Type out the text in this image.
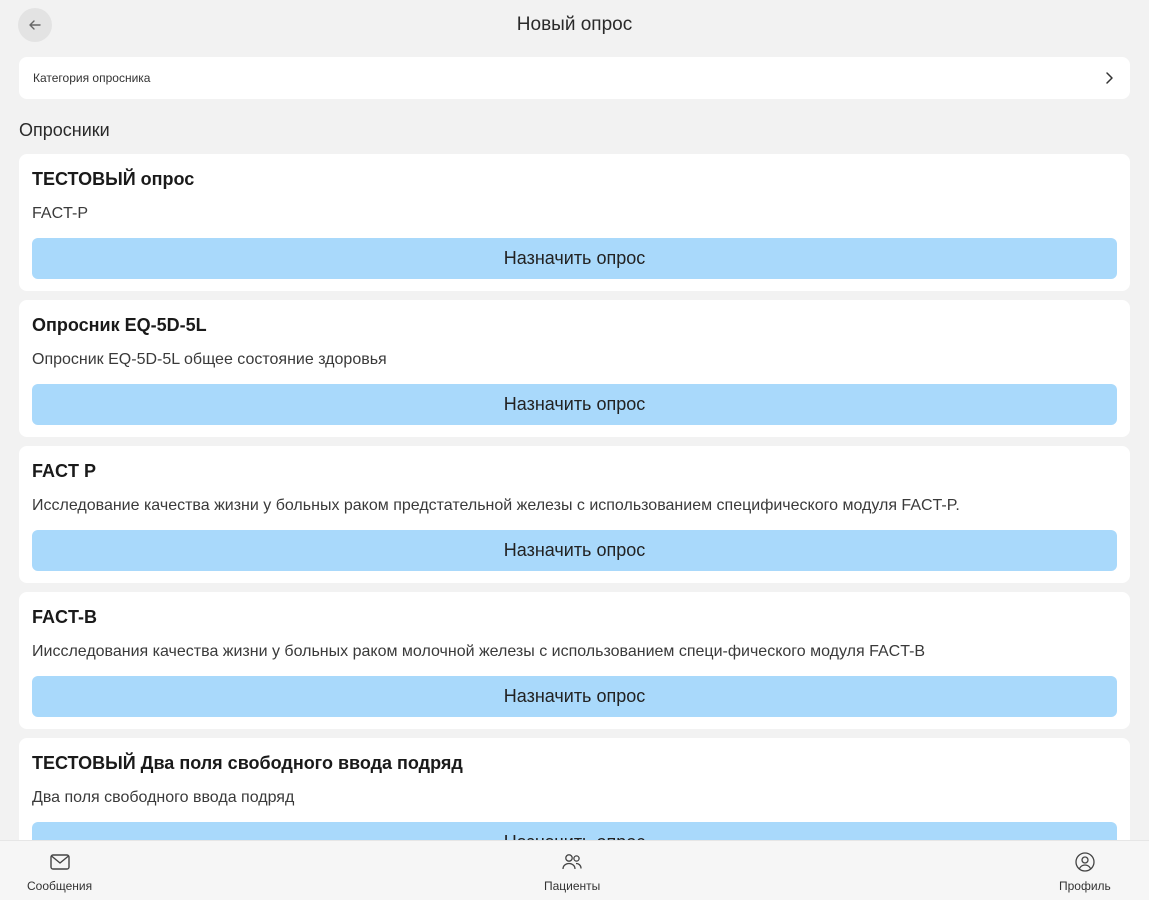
Новый опрос
Категория опросника
Опросники
ТЕСТОВЫЙ опрос
FACT-P
Назначить опрос
Опросник EQ-5D-5L
Опросник EQ-5D-5L общее состояние здоровья
Назначить опрос
FACT P
Исследование качества жизни у больных раком предстательной железы с использованием специфического модуля FACT-P.
Назначить опрос
FACT-B
Иисследования качества жизни у больных раком молочной железы с использованием специ-фического модуля FACT-B
Назначить опрос
ТЕСТОВЫЙ Два поля свободного ввода подряд
Два поля свободного ввода подряд
Сообщения	Пациенты	Профиль
